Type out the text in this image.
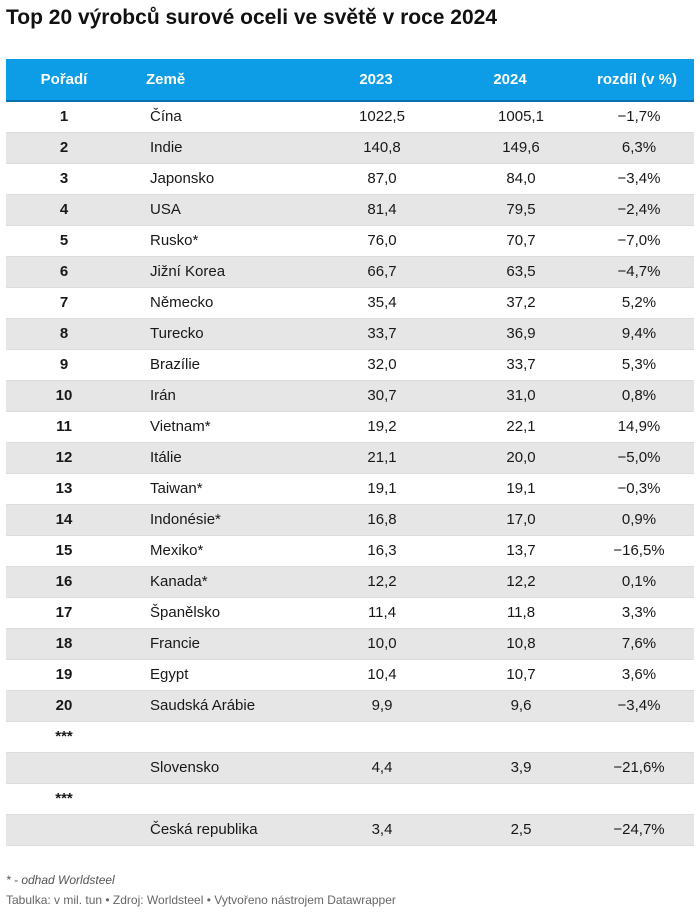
Top 20 výrobců surové oceli ve světě v roce 2024
Pořadí	Země	2023	2024	rozdíl (v %)
1	Čína	1022,5	1005,1	−1,7%
2	Indie	140,8	149,6	6,3%
3	Japonsko	87,0	84,0	−3,4%
4	USA	81,4	79,5	−2,4%
5	Rusko*	76,0	70,7	−7,0%
6	Jižní Korea	66,7	63,5	−4,7%
7	Německo	35,4	37,2	5,2%
8	Turecko	33,7	36,9	9,4%
9	Brazílie	32,0	33,7	5,3%
10	Irán	30,7	31,0	0,8%
11	Vietnam*	19,2	22,1	14,9%
12	Itálie	21,1	20,0	−5,0%
13	Taiwan*	19,1	19,1	−0,3%
14	Indonésie*	16,8	17,0	0,9%
15	Mexiko*	16,3	13,7	−16,5%
16	Kanada*	12,2	12,2	0,1%
17	Španělsko	11,4	11,8	3,3%
18	Francie	10,0	10,8	7,6%
19	Egypt	10,4	10,7	3,6%
20	Saudská Arábie	9,9	9,6	−3,4%
***				
	Slovensko	4,4	3,9	−21,6%
***				
	Česká republika	3,4	2,5	−24,7%
* - odhad Worldsteel
Tabulka: v mil. tun • Zdroj: Worldsteel • Vytvořeno nástrojem Datawrapper
